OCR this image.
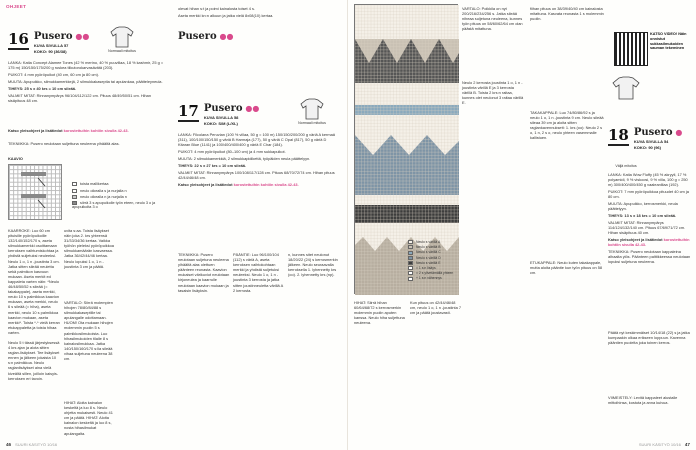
OHJEET
16 Pusero ●●
KUVA SIVULLA 57
KOKO: 90 (36/38)	Normaali mitoitus

LANKA: Katia Concept Alamee Tones (42 % merino, 40 % puuvillaa, 18 % kashmir, 25 g = 175 m) 150/150/175/200 g ruskea tilkutorokarvasävätä (203).

PUIKOT: 4 mm pyöröpuikot (40 cm, 60 cm ja 80 cm).

MUUTA: Apupuikko, silmukkamerkkejä, 2 silmukkakaseptia tai apulankaa, päätteleyneula.

TIHEYS: 25 s x 40 krs = 10 cm sileää.

VALMIIT MITAT: Rinnanympärys 96/104/112/122 cm. Pituus 48/49/50/51 cm. Hihan sisäpituus 48 cm.

Katso yleisohjeet ja lisätiedot korostettuihin kohtiin sivulla 42-43.
TEKNIIKKA: Pusero neulotaan suljettuna neuleena ylhäältä alas.
KAAVIO
toista mallikertaa
neulo oikealla s ja nurjalla n
neulo oikealla n ja nurjalla n
siirrä 3 s apupuikolle työn eteen, neulo 3 o ja apupuikolta 3 o
KAARROKE: Luo 60 cm pituisille pyöröpuikoille 132/140/152/170 s, aseta silmukkamerkki osoittamaan kerroksen vaihtumiskohtaa ja yhdistä suljetuksi neuleeksi. Neulo 1 o, 1 n -joustinta 3 cm. Jatka sitten sileää neuletta sekä palmikon kasvuun mukaan. Aseta merkit ed kappaleta varten näin: *Neulo 46/48/50/52 s sileää (= takakappale), aseta merkki, neulo 10 s palmikkoa kaavion mukaan, aseta merkki, neulo 6 s sileää (= hiha), aseta merkki, neulo 10 s palmikkoa kaavion mukaan, aseta merkki*. Toista *-* vielä kerran etukappaletta ja toista hihaa varten.
Neulo 5 t tässä järjestyksessä 4 krs ajan ja alota sitten raglan-lisäykset. Tee lisäykset ennen ja jälkeen jokaista 10 s:n palmikkoa. Neulo raglanlisäykset aina vielä kiveältä sillen, joilloin kaisyis-kerroksen eri tavoin.
uvita s:aa. Toista lisäykset näin joka 2. krs yhteensä 31/33/34/36 kertaa. Vaikka työhön pieleksi pyöröpuikkoa silmukkamäärän kasvaessa. Jatka 36/42/44/46 kertaa. Neulo lopuksi 1 o, 1 n -joustinta 3 cm ja päätä.
VARTALO: Siirrä molempien hihojen 78/80/84/88 s silmukkakaseptille tai apulangalle odottamaan. HUOM! Ota mukaan hihojen molemmin puolin 5 s palmikkosilmukoista. Luo hihasilmukoiden tilalle 8 s kainalosilmukkaa. Jatka 140/150/160/170 s:lla sileää vihaa suljetuna neuleena 38 cm.
HIHAT: Aloita kainalon keskeltä ja luo 8 s. Neulo ohjetta mukaisesti. Neulo 41 cm ja päätä. HIHAT: Aloita kainalon keskeltä ja luo 8 s, nosta hihasilmukat apulangalta.
Pusero ●●

olevat hihan s:t ja poimi kainalosta toiset 4 s.

Aseta merkki kn:n alkuun ja jatka vielä 8x08(10) kertaa.

17 Pusero ●●
KUVA SIVULLA 58
KOKO: S/M (L/XL)	Normaali mitoitus

LANKA: Filcolana Peruvian (100 % villaa, 50 g = 100 m) 150/150/200/200 g väriä A kermaä (311), 100/100/150/150 g väriä B Harmaja (177), 50 g väriä C Opal (817), 50 g väriä D Kitaran Blue (1141) ja 100/400/400/400 g väriä E Char (184).

PUIKOT: 4 mm pyöröpuikot (80–100 cm) ja 4 mm sukkapuikot.

MUUTA: 2 silmukkamerkkiä, 2 silmukkapidikettä, työpäiden neula päättelyyn.

TIHEYS: 22 s x 27 krs = 10 cm sileää.

VALMIIT MITAT: Rinnanympärys 100/108/117/128 cm. Pituus 68/70/72/74 cm. Hihan pituus 42/44/46/48 cm.

Katso yleisohjeet ja lisätiedot korostettuihin kohtiin sivulla 42-43.

TEKNIIKKA: Pusero neulotaan suljetuna neuleena ylhäältä alas olettuen päänteen reunasta. Kaavion mukaiset värikuviot neulotaan kirjoneulea ja kaarrulle neulotaan kaavion mukaan ja tasaisin lisäyksin.
PÄÄNTIE: Luo 96/100/104 (112) s väriä A, aseta kerroksen vaihtokohtaan merkki ja yhdistä suljetuksi neuleeksi. Neulo 1 o, 1 n -joustinta 3 kerrosta ja jatka sitten joustinneuletta värillä A 2 kerrosta.
n, kunnes sitet neulonut 18/20/22 (24) s kerrosmerkin jälkeen. Neulo seuraavalla kerroksella 1. lyhennetty krs (oo). 2. lyhennetty krs (np).
46 SUURI KÄSITYÖ 10/16
Neulo s värillä A
Neulo s värillä B
Neulo s värillä C
Neulo s värillä D
Neulo s värillä E
= 1 s:n lisäys
= 2 s ylivetämällä yhteen
+ 1 s:n vähennys
VARTALO: Poikkila on nyt 200/216/234/256 s. Jatka sileää niheaa suljetuna neuleena, kunnes työn pituus on 58/60/62/64 cm olan päästä mitattuna.
Neulo 2 kerrosta joustinta 1 o, 1 n -joustinta värillä E ja 3 kerrosta värillä B. Toista 2 krs:n raitaa, kunnes olet neulonut 3 raitaa värillä E.
HIHAT: Siirrä hihan 60/64/68/72 s kerrosmerkin molemmin puolin aputen kanssa. Neulo hiha suljettuna neuleena.
Kun pituus on 42/44/46/48 cm, neulo 1 o, 1 n -joustinta 7 cm ja päätä joustavasti.
fiihan pituus on 38/39/40/40 cm kainalosta mitattuna. Kasvata reunasta 1 s molemmin puolin.
KATSO VIDEO! Näin onnistut sukkasilmukoiden sauman tekeminen
18 Pusero ●
KUVA SIVULLA 54
KOKO: 90 (96)
Väljä mitoitus

LANKA: Katia Wow Fluffy (45 % akryyli, 17 % polyamidi, 9 % viskoosi, 9 % villa, 100 g = 250 m) 300/400/400/450 g vaaleanlilaa (192).

PUIKOT: 7 mm pyöröpuikkoa pituudet 40 cm ja 80 cm.

MUUTA: Apupuikko, kerrosmerkki, neula päättelyyn.

TIHEYS: 13 s x 18 krs = 10 cm sileää.

VALMIIT MITAT: Rinnanympärys 114/124/132/140 cm. Pituus 67/69/71/72 cm. Hihan sisäpituus 40 cm.

Katso yleisohjeet ja lisätiedot korostettuihin kohtiin sivulla 42-43.

TEKNIIKKA: Pusero neulotaan kappaleina alhaalta ylös. Päänteen palttikkeessa neulotaan lopuksi suljetuna neuleena.

TAKAKAPPALE: Luo 74/80/86/92 s ja neulo 1 o, 1 n -joustinta 9 cm. Neulo sileää sileaa 39 cm ja aloita sitten raglankavennuksett: 1. krs (oo): Neulo 2 s o, 1 n, 2 s o, neulo yhteen vasemmalle kallistuen.
ETUKAPPALE: Neulo kuten takakappale, mutta aloita pääntie kun työn pituus on 58 cm.
Päätä nyt keskimmäiset 10/14/18 (22) s ja jatka kumpaakin olkaa erikseen loppuun. Kavenna pääntien puolelta joka toinen kerros.
VIIMEISTELY: Levitä kappaleet alustalle mittoihinsa, kostuta ja anna kuivua.
SUURI KÄSITYÖ 10/16 47
